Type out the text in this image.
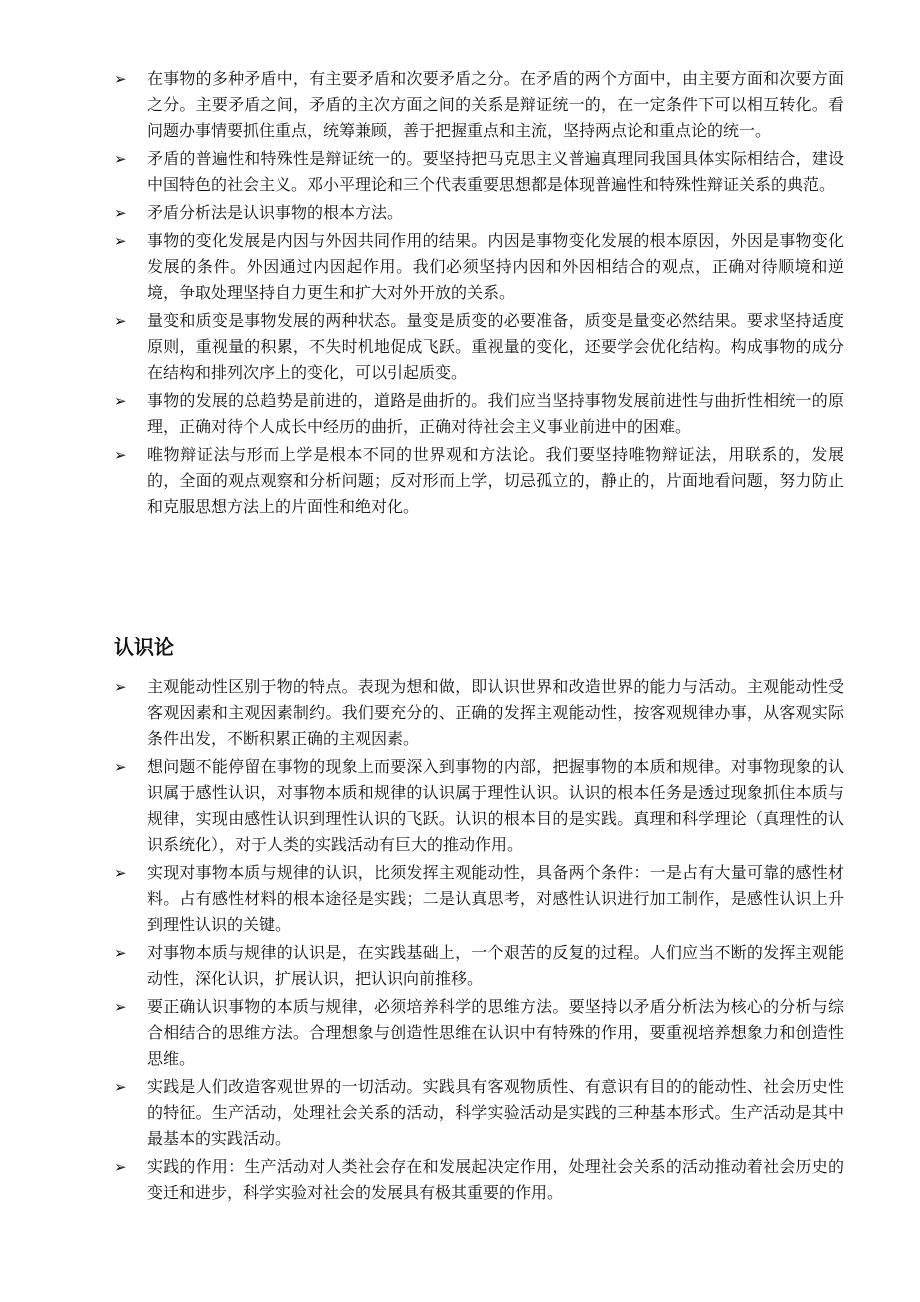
➢	在事物的多种矛盾中，有主要矛盾和次要矛盾之分。在矛盾的两个方面中，由主要方面和次要方面之分。主要矛盾之间，矛盾的主次方面之间的关系是辩证统一的，在一定条件下可以相互转化。看问题办事情要抓住重点，统筹兼顾，善于把握重点和主流，坚持两点论和重点论的统一。
➢	矛盾的普遍性和特殊性是辩证统一的。要坚持把马克思主义普遍真理同我国具体实际相结合，建设中国特色的社会主义。邓小平理论和三个代表重要思想都是体现普遍性和特殊性辩证关系的典范。
➢	矛盾分析法是认识事物的根本方法。
➢	事物的变化发展是内因与外因共同作用的结果。内因是事物变化发展的根本原因，外因是事物变化发展的条件。外因通过内因起作用。我们必须坚持内因和外因相结合的观点，正确对待顺境和逆境，争取处理坚持自力更生和扩大对外开放的关系。
➢	量变和质变是事物发展的两种状态。量变是质变的必要准备，质变是量变必然结果。要求坚持适度原则，重视量的积累，不失时机地促成飞跃。重视量的变化，还要学会优化结构。构成事物的成分在结构和排列次序上的变化，可以引起质变。
➢	事物的发展的总趋势是前进的，道路是曲折的。我们应当坚持事物发展前进性与曲折性相统一的原理，正确对待个人成长中经历的曲折，正确对待社会主义事业前进中的困难。
➢	唯物辩证法与形而上学是根本不同的世界观和方法论。我们要坚持唯物辩证法，用联系的，发展的，全面的观点观察和分析问题；反对形而上学，切忌孤立的，静止的，片面地看问题，努力防止和克服思想方法上的片面性和绝对化。
认识论
➢	主观能动性区别于物的特点。表现为想和做，即认识世界和改造世界的能力与活动。主观能动性受客观因素和主观因素制约。我们要充分的、正确的发挥主观能动性，按客观规律办事，从客观实际条件出发，不断积累正确的主观因素。
➢	想问题不能停留在事物的现象上而要深入到事物的内部，把握事物的本质和规律。对事物现象的认识属于感性认识，对事物本质和规律的认识属于理性认识。认识的根本任务是透过现象抓住本质与规律，实现由感性认识到理性认识的飞跃。认识的根本目的是实践。真理和科学理论（真理性的认识系统化），对于人类的实践活动有巨大的推动作用。
➢	实现对事物本质与规律的认识，比须发挥主观能动性，具备两个条件：一是占有大量可靠的感性材料。占有感性材料的根本途径是实践；二是认真思考，对感性认识进行加工制作，是感性认识上升到理性认识的关键。
➢	对事物本质与规律的认识是，在实践基础上，一个艰苦的反复的过程。人们应当不断的发挥主观能动性，深化认识，扩展认识，把认识向前推移。
➢	要正确认识事物的本质与规律，必须培养科学的思维方法。要坚持以矛盾分析法为核心的分析与综合相结合的思维方法。合理想象与创造性思维在认识中有特殊的作用，要重视培养想象力和创造性思维。
➢	实践是人们改造客观世界的一切活动。实践具有客观物质性、有意识有目的的能动性、社会历史性的特征。生产活动，处理社会关系的活动，科学实验活动是实践的三种基本形式。生产活动是其中最基本的实践活动。
➢	实践的作用：生产活动对人类社会存在和发展起决定作用，处理社会关系的活动推动着社会历史的变迁和进步，科学实验对社会的发展具有极其重要的作用。
